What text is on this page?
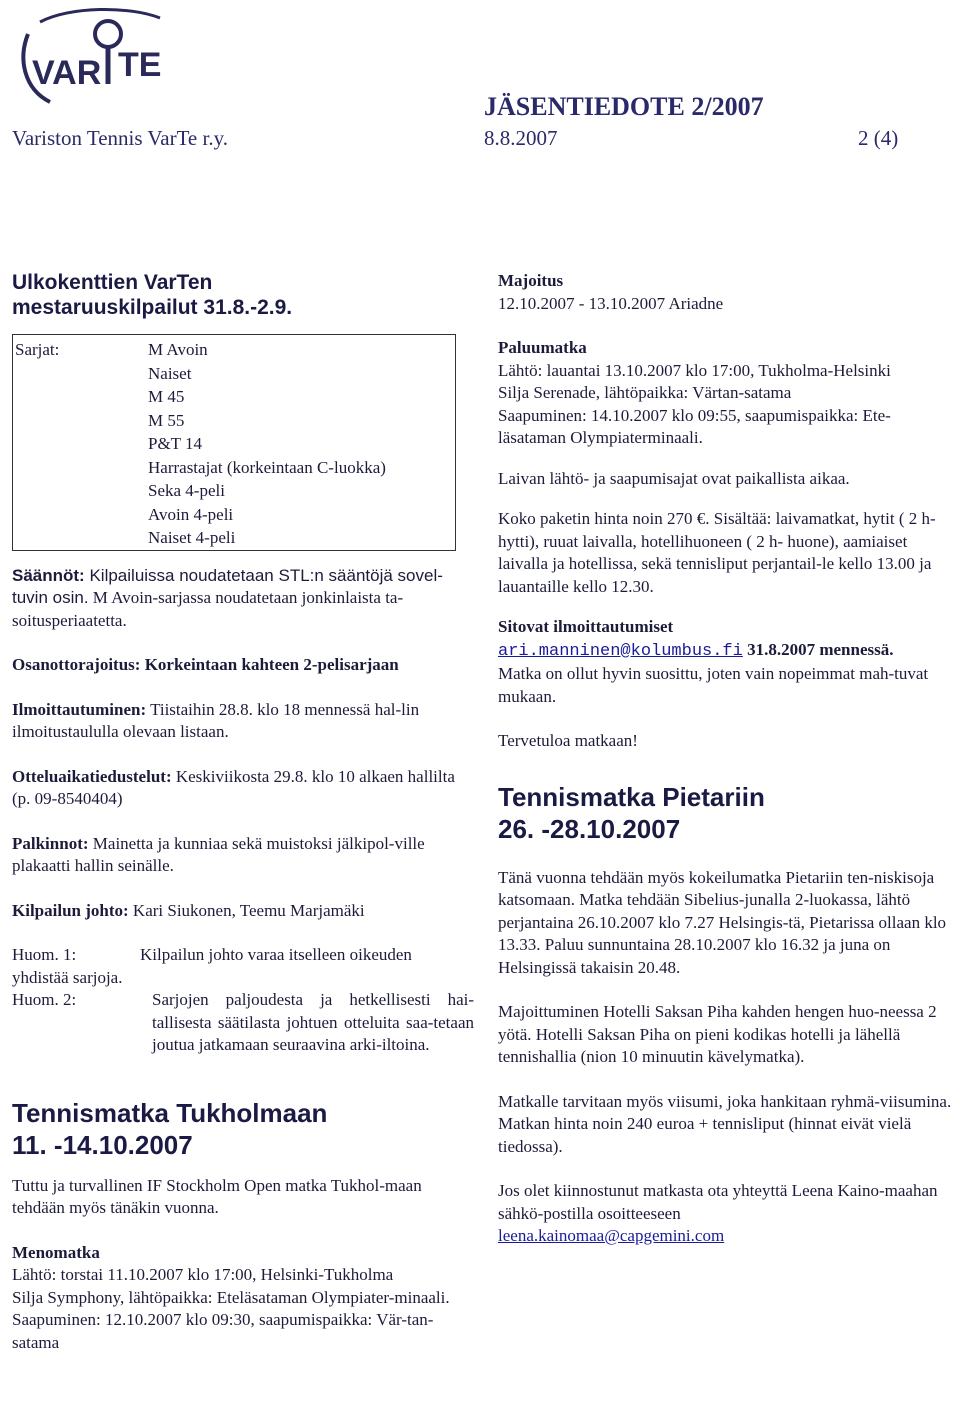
VAR TE
JÄSENTIEDOTE 2/2007
Variston Tennis VarTe r.y.	8.8.2007	2 (4)
Ulkokenttien VarTen
mestaruuskilpailut 31.8.-2.9.
Sarjat:	M Avoin
Naiset
M 45
M 55
P&T 14
Harrastajat (korkeintaan C-luokka)
Seka 4-peli
Avoin 4-peli
Naiset 4-peli

Säännöt: Kilpailuissa noudatetaan STL:n sääntöjä sovel-tuvin osin. M Avoin-sarjassa noudatetaan jonkinlaista ta-soitusperiaatetta.

Osanottorajoitus: Korkeintaan kahteen 2-pelisarjaan

Ilmoittautuminen: Tiistaihin 28.8. klo 18 mennessä hal-lin ilmoitustaululla olevaan listaan.

Otteluaikatiedustelut: Keskiviikosta 29.8. klo 10 alkaen hallilta (p. 09-8540404)

Palkinnot: Mainetta ja kunniaa sekä muistoksi jälkipol-ville plakaatti hallin seinälle.

Kilpailun johto: Kari Siukonen, Teemu Marjamäki

Huom. 1:	Kilpailun johto varaa itselleen oikeuden
yhdistää sarjoja.
Huom. 2:	Sarjojen paljoudesta ja hetkellisesti hai-tallisesta säätilasta johtuen otteluita saa-tetaan joutua jatkamaan seuraavina arki-iltoina.
Tennismatka Tukholmaan
11. -14.10.2007

Tuttu ja turvallinen IF Stockholm Open matka Tukhol-maan tehdään myös tänäkin vuonna.

Menomatka
Lähtö: torstai 11.10.2007 klo 17:00, Helsinki-Tukholma
Silja Symphony, lähtöpaikka: Eteläsataman Olympiater-minaali.
Saapuminen: 12.10.2007 klo 09:30, saapumispaikka: Vär-tan-satama
Majoitus
12.10.2007 - 13.10.2007 Ariadne
Paluumatka
Lähtö: lauantai 13.10.2007 klo 17:00, Tukholma-Helsinki
Silja Serenade, lähtöpaikka: Värtan-satama
Saapuminen: 14.10.2007 klo 09:55, saapumispaikka: Ete-läsataman Olympiaterminaali.

Laivan lähtö- ja saapumisajat ovat paikallista aikaa.

Koko paketin hinta noin 270 €. Sisältää: laivamatkat, hytit ( 2 h-hytti), ruuat laivalla, hotellihuoneen ( 2 h- huone), aamiaiset laivalla ja hotellissa, sekä tennisliput perjantail-le kello 13.00 ja lauantaille kello 12.30.

Sitovat ilmoittautumiset
ari.manninen@kolumbus.fi 31.8.2007 mennessä.
Matka on ollut hyvin suosittu, joten vain nopeimmat mah-tuvat mukaan.

Tervetuloa matkaan!

Tennismatka Pietariin
26. -28.10.2007

Tänä vuonna tehdään myös kokeilumatka Pietariin ten-niskisoja katsomaan. Matka tehdään Sibelius-junalla 2-luokassa, lähtö perjantaina 26.10.2007 klo 7.27 Helsingis-tä, Pietarissa ollaan klo 13.33. Paluu sunnuntaina 28.10.2007 klo 16.32 ja juna on Helsingissä takaisin 20.48.

Majoittuminen Hotelli Saksan Piha kahden hengen huo-neessa 2 yötä. Hotelli Saksan Piha on pieni kodikas hotelli ja lähellä tennishallia (nion 10 minuutin kävelymatka).

Matkalle tarvitaan myös viisumi, joka hankitaan ryhmä-viisumina. Matkan hinta noin 240 euroa + tennisliput (hinnat eivät vielä tiedossa).

Jos olet kiinnostunut matkasta ota yhteyttä Leena Kaino-maahan sähkö-postilla osoitteeseen

leena.kainomaa@capgemini.com
